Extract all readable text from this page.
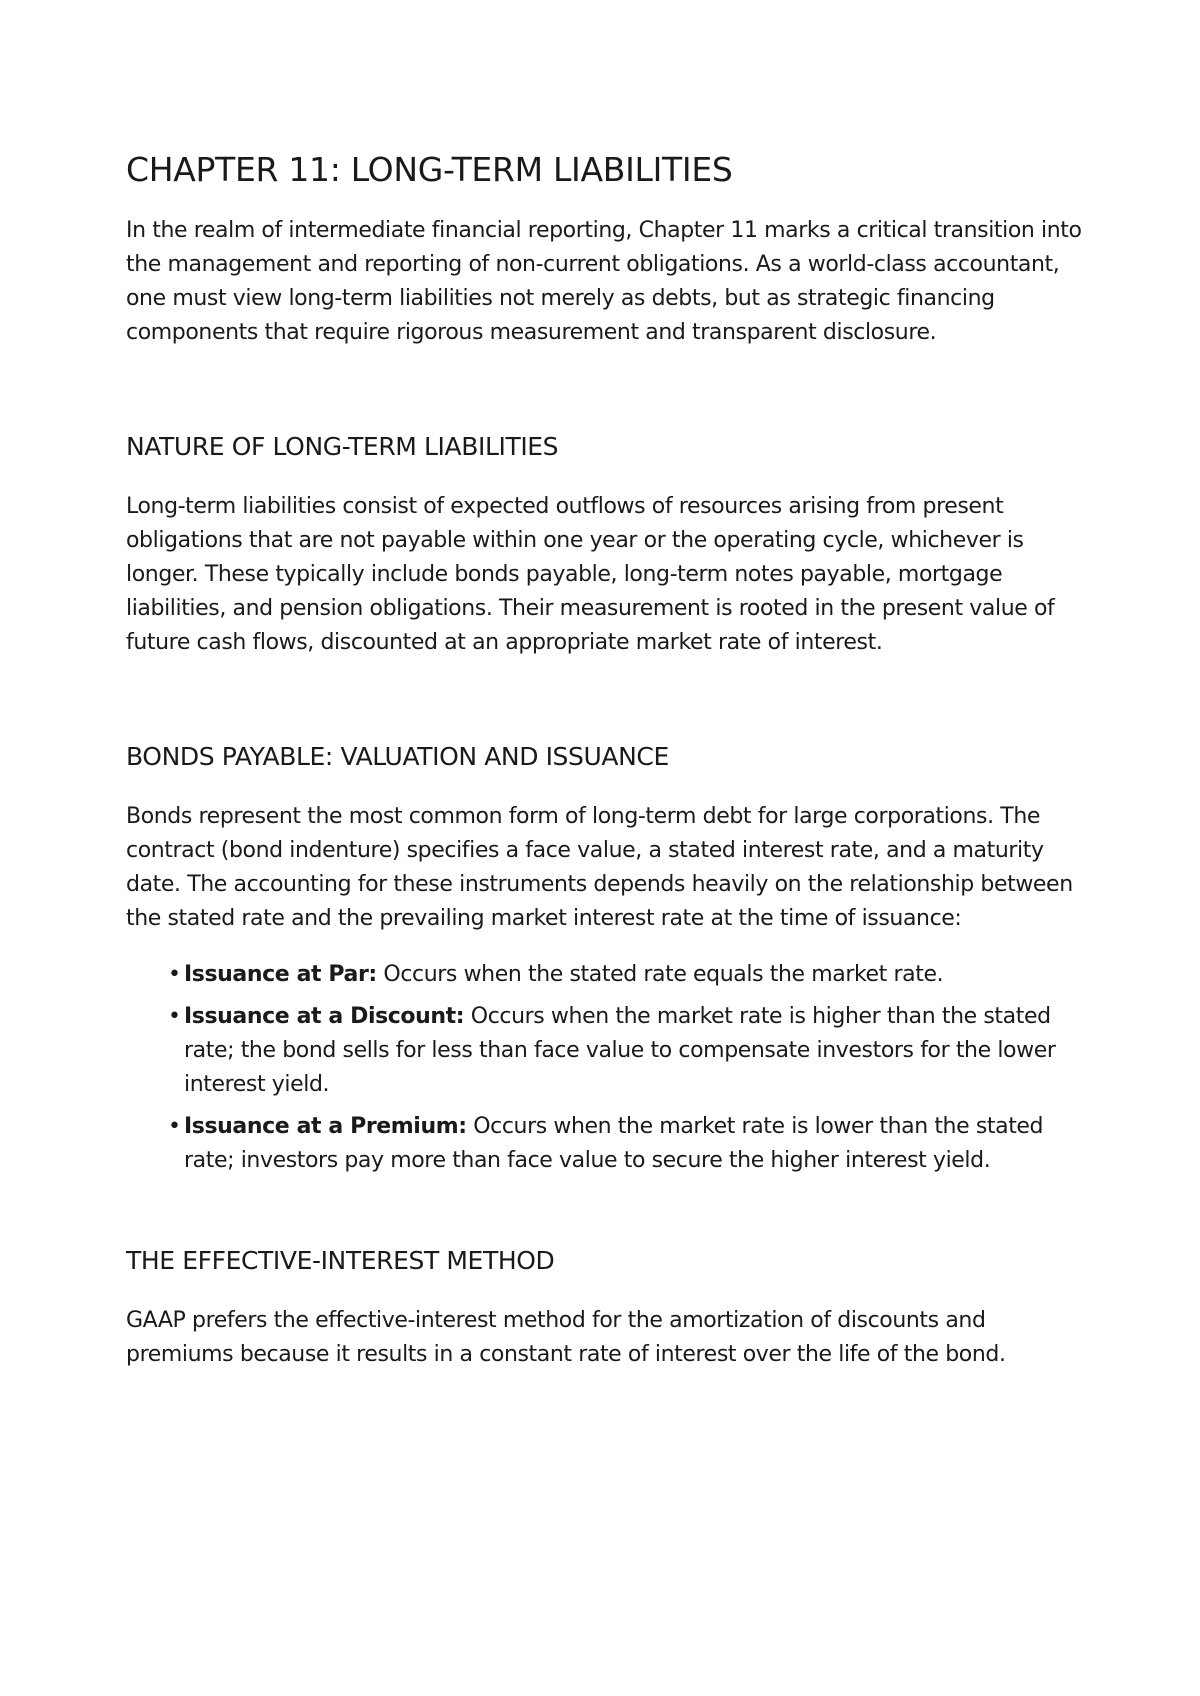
CHAPTER 11: LONG-TERM LIABILITIES

In the realm of intermediate financial reporting, Chapter 11 marks a critical transition into the management and reporting of non-current obligations. As a world-class accountant, one must view long-term liabilities not merely as debts, but as strategic financing components that require rigorous measurement and transparent disclosure.

NATURE OF LONG-TERM LIABILITIES

Long-term liabilities consist of expected outflows of resources arising from present obligations that are not payable within one year or the operating cycle, whichever is longer. These typically include bonds payable, long-term notes payable, mortgage liabilities, and pension obligations. Their measurement is rooted in the present value of future cash flows, discounted at an appropriate market rate of interest.

BONDS PAYABLE: VALUATION AND ISSUANCE

Bonds represent the most common form of long-term debt for large corporations. The contract (bond indenture) specifies a face value, a stated interest rate, and a maturity date. The accounting for these instruments depends heavily on the relationship between the stated rate and the prevailing market interest rate at the time of issuance:

• Issuance at Par: Occurs when the stated rate equals the market rate.
• Issuance at a Discount: Occurs when the market rate is higher than the stated rate; the bond sells for less than face value to compensate investors for the lower interest yield.
• Issuance at a Premium: Occurs when the market rate is lower than the stated rate; investors pay more than face value to secure the higher interest yield.
THE EFFECTIVE-INTEREST METHOD

GAAP prefers the effective-interest method for the amortization of discounts and premiums because it results in a constant rate of interest over the life of the bond.
